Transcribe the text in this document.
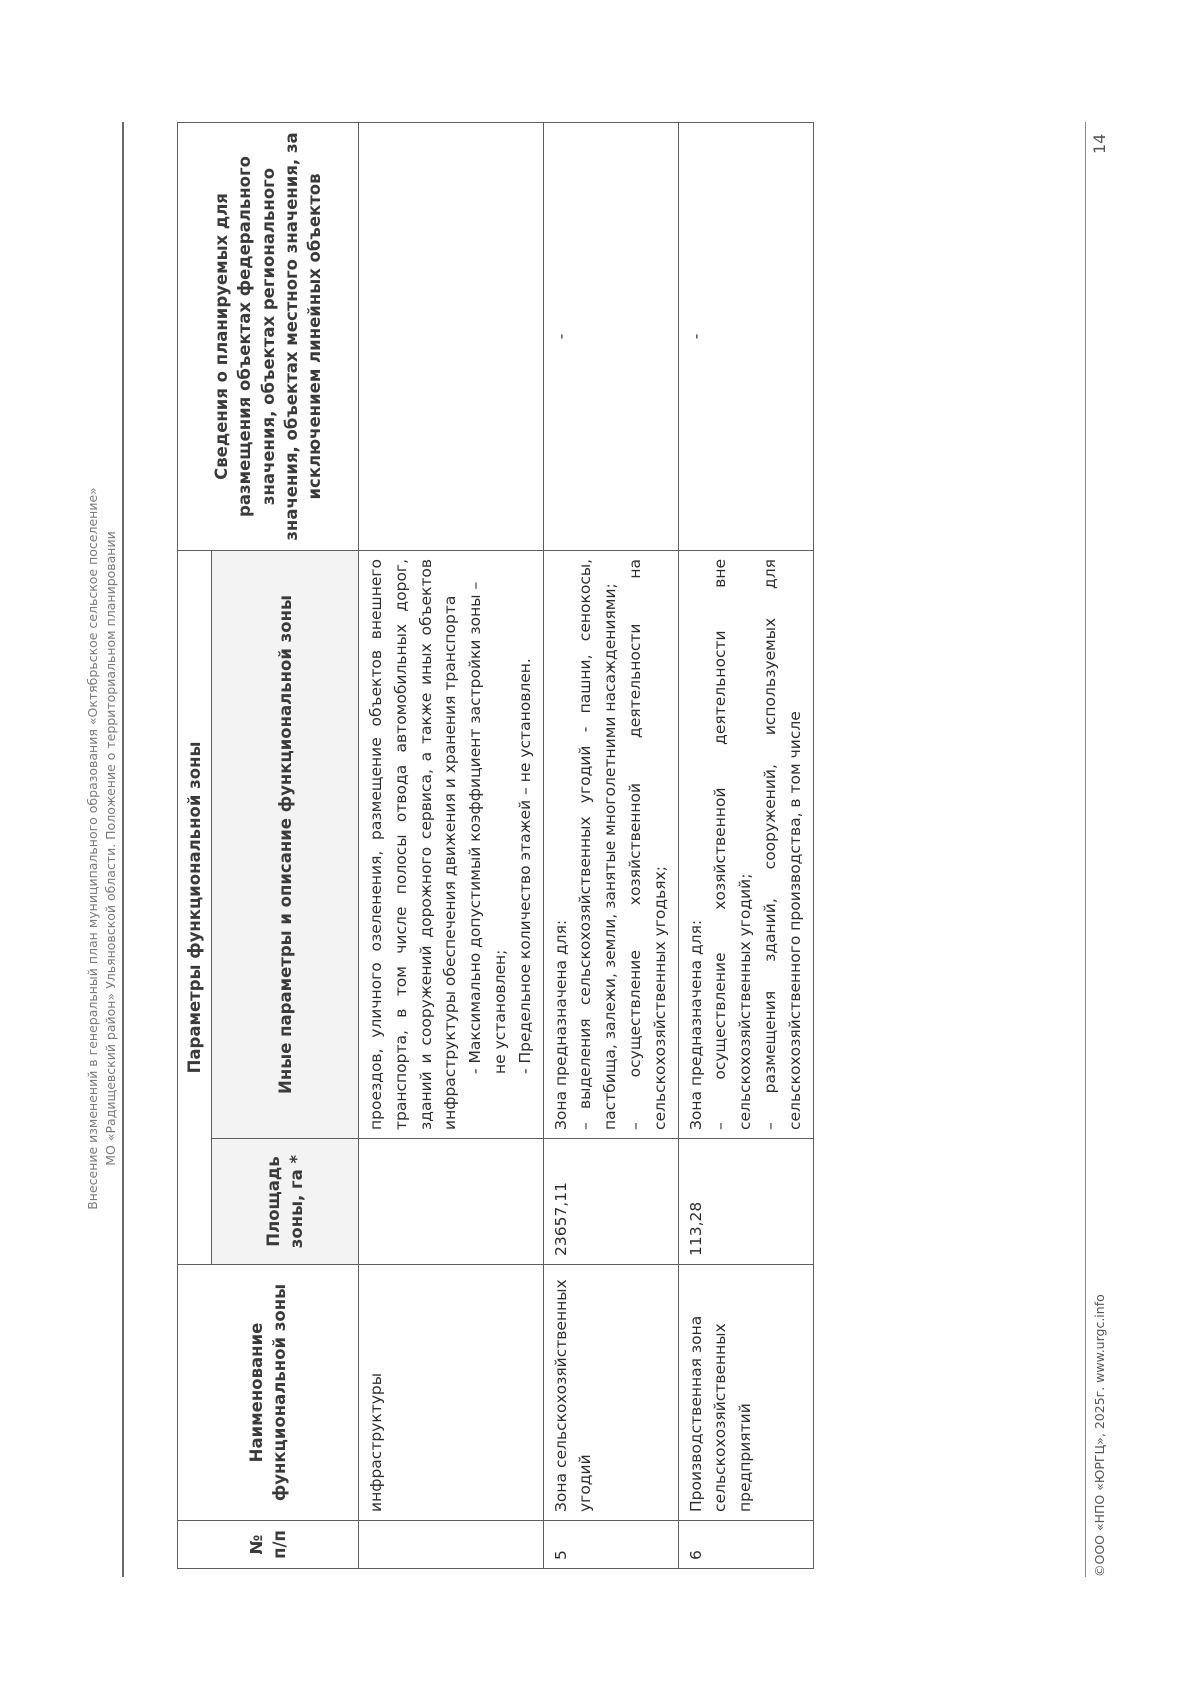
Внесение изменений в генеральный план муниципального образования «Октябрьское сельское поселение» МО «Радищевский район» Ульяновской области. Положение о территориальном планировании
№ п/п	Наименование функциональной зоны	Параметры функциональной зоны		Сведения о планируемых для размещения объектах федерального значения, объектах регионального значения, объектах местного значения, за исключением линейных объектов
		Площадь зоны, га *	Иные параметры и описание функциональной зоны	
	инфраструктуры		проездов, уличного озеленения, размещение объектов внешнего транспорта, в том числе полосы отвода автомобильных дорог, зданий и сооружений дорожного сервиса, а также иных объектов инфраструктуры обеспечения движения и хранения транспорта - Максимально допустимый коэффициент застройки зоны – не установлен; - Предельное количество этажей – не установлен.	

5	Зона сельскохозяйственных угодий	23657,11	Зона предназначена для: – выделения сельскохозяйственных угодий - пашни, сенокосы, пастбища, залежи, земли, занятые многолетними насаждениями; – осуществление хозяйственной деятельности на сельскохозяйственных угодьях;	-
6	Производственная зона сельскохозяйственных предприятий	113,28	Зона предназначена для: – осуществление хозяйственной деятельности вне сельскохозяйственных угодий; – размещения зданий, сооружений, используемых для сельскохозяйственного производства, в том числе	-
©ООО «НПО «ЮРГЦ», 2025г. www.urgc.info
14
